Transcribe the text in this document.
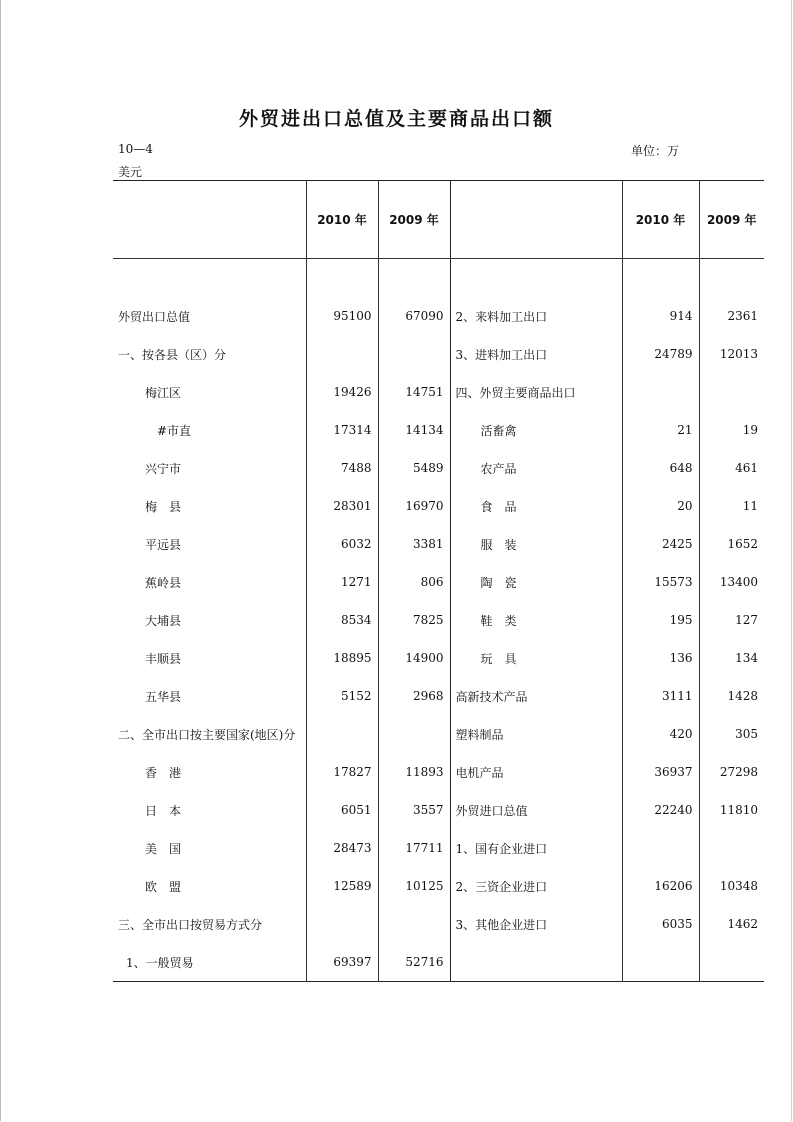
外贸进出口总值及主要商品出口额
10—4	单位：万
美元
	2010 年	2009 年		2010 年	2009 年

外贸出口总值	95100	67090	2、来料加工出口	914	2361
一、按各县（区）分			3、进料加工出口	24789	12013
梅江区	19426	14751	四、外贸主要商品出口		
#市直	17314	14134	活畜禽	21	19
兴宁市	7488	5489	农产品	648	461
梅　县	28301	16970	食　品	20	11
平远县	6032	3381	服　装	2425	1652
蕉岭县	1271	806	陶　瓷	15573	13400
大埔县	8534	7825	鞋　类	195	127
丰顺县	18895	14900	玩　具	136	134
五华县	5152	2968	高新技术产品	3111	1428
二、全市出口按主要国家(地区)分			塑料制品	420	305
香　港	17827	11893	电机产品	36937	27298
日　本	6051	3557	外贸进口总值	22240	11810
美　国	28473	17711	1、国有企业进口		
欧　盟	12589	10125	2、三资企业进口	16206	10348
三、全市出口按贸易方式分			3、其他企业进口	6035	1462
1、一般贸易	69397	52716			
